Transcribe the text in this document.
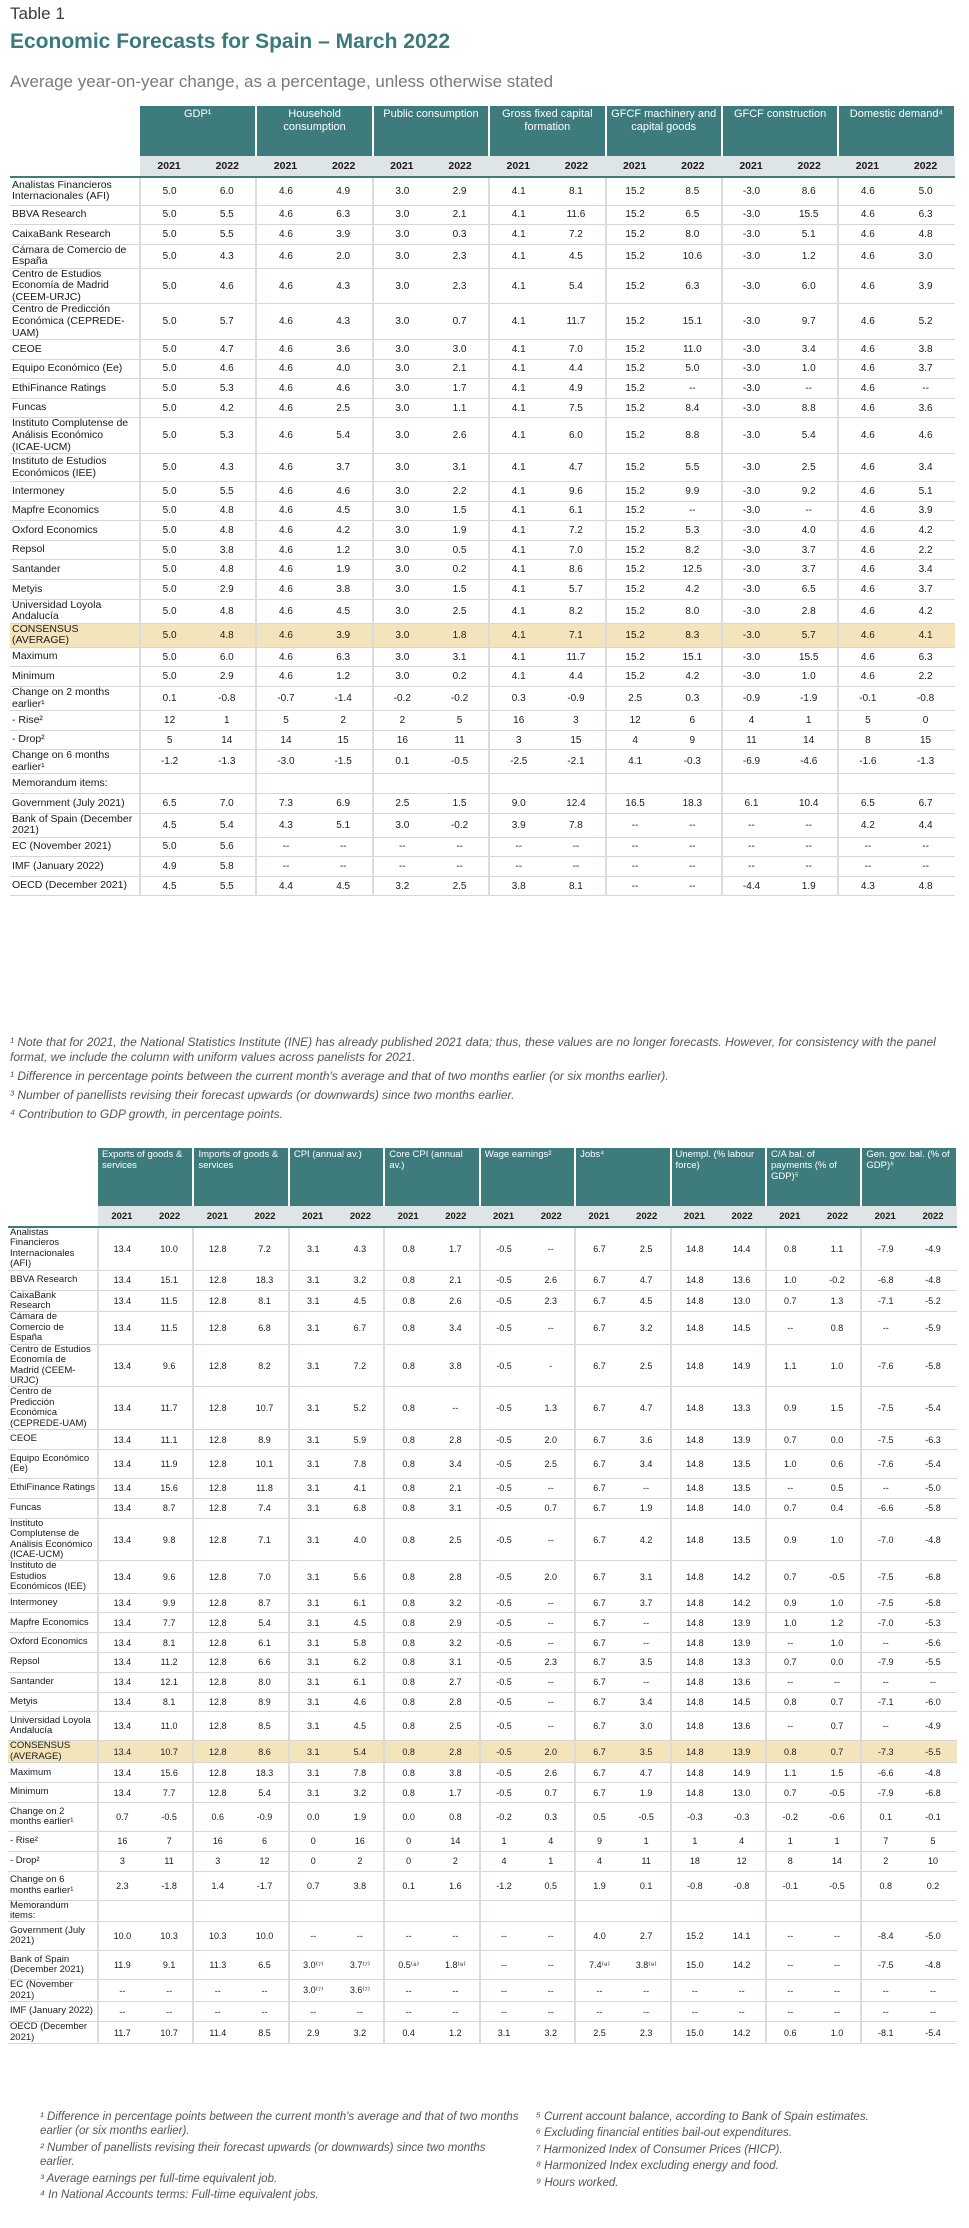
Table 1
Economic Forecasts for Spain – March 2022
Average year-on-year change, as a percentage, unless otherwise stated
	GDP¹		Household consumption		Public consumption		Gross fixed capital formation		GFCF machinery and capital goods		GFCF construction		Domestic demand⁴	
	2021	2022	2021	2022	2021	2022	2021	2022	2021	2022	2021	2022	2021	2022
Analistas Financieros Internacionales (AFI)	5.0	6.0	4.6	4.9	3.0	2.9	4.1	8.1	15.2	8.5	-3.0	8.6	4.6	5.0
BBVA Research	5.0	5.5	4.6	6.3	3.0	2.1	4.1	11.6	15.2	6.5	-3.0	15.5	4.6	6.3
CaixaBank Research	5.0	5.5	4.6	3.9	3.0	0.3	4.1	7.2	15.2	8.0	-3.0	5.1	4.6	4.8
Cámara de Comercio de España	5.0	4.3	4.6	2.0	3.0	2.3	4.1	4.5	15.2	10.6	-3.0	1.2	4.6	3.0
Centro de Estudios Economía de Madrid (CEEM-URJC)	5.0	4.6	4.6	4.3	3.0	2.3	4.1	5.4	15.2	6.3	-3.0	6.0	4.6	3.9
Centro de Predicción Económica (CEPREDE-UAM)	5.0	5.7	4.6	4.3	3.0	0.7	4.1	11.7	15.2	15.1	-3.0	9.7	4.6	5.2
CEOE	5.0	4.7	4.6	3.6	3.0	3.0	4.1	7.0	15.2	11.0	-3.0	3.4	4.6	3.8
Equipo Económico (Ee)	5.0	4.6	4.6	4.0	3.0	2.1	4.1	4.4	15.2	5.0	-3.0	1.0	4.6	3.7
EthiFinance Ratings	5.0	5.3	4.6	4.6	3.0	1.7	4.1	4.9	15.2	--	-3.0	--	4.6	--
Funcas	5.0	4.2	4.6	2.5	3.0	1.1	4.1	7.5	15.2	8.4	-3.0	8.8	4.6	3.6
Instituto Complutense de Análisis Económico (ICAE-UCM)	5.0	5.3	4.6	5.4	3.0	2.6	4.1	6.0	15.2	8.8	-3.0	5.4	4.6	4.6
Instituto de Estudios Económicos (IEE)	5.0	4.3	4.6	3.7	3.0	3.1	4.1	4.7	15.2	5.5	-3.0	2.5	4.6	3.4
Intermoney	5.0	5.5	4.6	4.6	3.0	2.2	4.1	9.6	15.2	9.9	-3.0	9.2	4.6	5.1
Mapfre Economics	5.0	4.8	4.6	4.5	3.0	1.5	4.1	6.1	15.2	--	-3.0	--	4.6	3.9
Oxford Economics	5.0	4.8	4.6	4.2	3.0	1.9	4.1	7.2	15.2	5.3	-3.0	4.0	4.6	4.2
Repsol	5.0	3.8	4.6	1.2	3.0	0.5	4.1	7.0	15.2	8.2	-3.0	3.7	4.6	2.2
Santander	5.0	4.8	4.6	1.9	3.0	0.2	4.1	8.6	15.2	12.5	-3.0	3.7	4.6	3.4
Metyis	5.0	2.9	4.6	3.8	3.0	1.5	4.1	5.7	15.2	4.2	-3.0	6.5	4.6	3.7
Universidad Loyola Andalucía	5.0	4.8	4.6	4.5	3.0	2.5	4.1	8.2	15.2	8.0	-3.0	2.8	4.6	4.2
CONSENSUS (AVERAGE)	5.0	4.8	4.6	3.9	3.0	1.8	4.1	7.1	15.2	8.3	-3.0	5.7	4.6	4.1
Maximum	5.0	6.0	4.6	6.3	3.0	3.1	4.1	11.7	15.2	15.1	-3.0	15.5	4.6	6.3
Minimum	5.0	2.9	4.6	1.2	3.0	0.2	4.1	4.4	15.2	4.2	-3.0	1.0	4.6	2.2
Change on 2 months earlier¹	0.1	-0.8	-0.7	-1.4	-0.2	-0.2	0.3	-0.9	2.5	0.3	-0.9	-1.9	-0.1	-0.8
- Rise²	12	1	5	2	2	5	16	3	12	6	4	1	5	0
- Drop²	5	14	14	15	16	11	3	15	4	9	11	14	8	15
Change on 6 months earlier¹	-1.2	-1.3	-3.0	-1.5	0.1	-0.5	-2.5	-2.1	4.1	-0.3	-6.9	-4.6	-1.6	-1.3
Memorandum items:														
Government (July 2021)	6.5	7.0	7.3	6.9	2.5	1.5	9.0	12.4	16.5	18.3	6.1	10.4	6.5	6.7
Bank of Spain (December 2021)	4.5	5.4	4.3	5.1	3.0	-0.2	3.9	7.8	--	--	--	--	4.2	4.4
EC (November 2021)	5.0	5.6	--	--	--	--	--	--	--	--	--	--	--	--
IMF (January 2022)	4.9	5.8	--	--	--	--	--	--	--	--	--	--	--	--
OECD (December 2021)	4.5	5.5	4.4	4.5	3.2	2.5	3.8	8.1	--	--	-4.4	1.9	4.3	4.8

¹ Note that for 2021, the National Statistics Institute (INE) has already published 2021 data; thus, these values are no longer forecasts. However, for consistency with the panel format, we include the column with uniform values across panelists for 2021.

¹ Difference in percentage points between the current month's average and that of two months earlier (or six months earlier).

³ Number of panellists revising their forecast upwards (or downwards) since two months earlier.

⁴ Contribution to GDP growth, in percentage points.

	Exports of goods & services		Imports of goods & services		CPI (annual av.)		Core CPI (annual av.)		Wage earnings²		Jobs⁴		Unempl. (% labour force)		C/A bal. of payments (% of GDP)⁵		Gen. gov. bal. (% of GDP)⁶	
	2021	2022	2021	2022	2021	2022	2021	2022	2021	2022	2021	2022	2021	2022	2021	2022	2021	2022
Analistas Financieros Internacionales (AFI)	13.4	10.0	12.8	7.2	3.1	4.3	0.8	1.7	-0.5	--	6.7	2.5	14.8	14.4	0.8	1.1	-7.9	-4.9
BBVA Research	13.4	15.1	12.8	18.3	3.1	3.2	0.8	2.1	-0.5	2.6	6.7	4.7	14.8	13.6	1.0	-0.2	-6.8	-4.8
CaixaBank Research	13.4	11.5	12.8	8.1	3.1	4.5	0.8	2.6	-0.5	2.3	6.7	4.5	14.8	13.0	0.7	1.3	-7.1	-5.2
Cámara de Comercio de España	13.4	11.5	12.8	6.8	3.1	6.7	0.8	3.4	-0.5	--	6.7	3.2	14.8	14.5	--	0.8	--	-5.9
Centro de Estudios Economía de Madrid (CEEM-URJC)	13.4	9.6	12.8	8.2	3.1	7.2	0.8	3.8	-0.5	-	6.7	2.5	14.8	14.9	1.1	1.0	-7.6	-5.8
Centro de Predicción Económica (CEPREDE-UAM)	13.4	11.7	12.8	10.7	3.1	5.2	0.8	--	-0.5	1.3	6.7	4.7	14.8	13.3	0.9	1.5	-7.5	-5.4
CEOE	13.4	11.1	12.8	8.9	3.1	5.9	0.8	2.8	-0.5	2.0	6.7	3.6	14.8	13.9	0.7	0.0	-7.5	-6.3
Equipo Económico (Ee)	13.4	11.9	12.8	10.1	3.1	7.8	0.8	3.4	-0.5	2.5	6.7	3.4	14.8	13.5	1.0	0.6	-7.6	-5.4
EthiFinance Ratings	13.4	15.6	12.8	11.8	3.1	4.1	0.8	2.1	-0.5	--	6.7	--	14.8	13.5	--	0.5	--	-5.0
Funcas	13.4	8.7	12.8	7.4	3.1	6.8	0.8	3.1	-0.5	0.7	6.7	1.9	14.8	14.0	0.7	0.4	-6.6	-5.8
Instituto Complutense de Análisis Económico (ICAE-UCM)	13.4	9.8	12.8	7.1	3.1	4.0	0.8	2.5	-0.5	--	6.7	4.2	14.8	13.5	0.9	1.0	-7.0	-4.8
Instituto de Estudios Económicos (IEE)	13.4	9.6	12.8	7.0	3.1	5.6	0.8	2.8	-0.5	2.0	6.7	3.1	14.8	14.2	0.7	-0.5	-7.5	-6.8
Intermoney	13.4	9.9	12.8	8.7	3.1	6.1	0.8	3.2	-0.5	--	6.7	3.7	14.8	14.2	0.9	1.0	-7.5	-5.8
Mapfre Economics	13.4	7.7	12.8	5.4	3.1	4.5	0.8	2.9	-0.5	--	6.7	--	14.8	13.9	1.0	1.2	-7.0	-5.3
Oxford Economics	13.4	8.1	12.8	6.1	3.1	5.8	0.8	3.2	-0.5	--	6.7	--	14.8	13.9	--	1.0	--	-5.6
Repsol	13.4	11.2	12.8	6.6	3.1	6.2	0.8	3.1	-0.5	2.3	6.7	3.5	14.8	13.3	0.7	0.0	-7.9	-5.5
Santander	13.4	12.1	12.8	8.0	3.1	6.1	0.8	2.7	-0.5	--	6.7	--	14.8	13.6	--	--	--	--
Metyis	13.4	8.1	12.8	8.9	3.1	4.6	0.8	2.8	-0.5	--	6.7	3.4	14.8	14.5	0.8	0.7	-7.1	-6.0
Universidad Loyola Andalucía	13.4	11.0	12.8	8.5	3.1	4.5	0.8	2.5	-0.5	--	6.7	3.0	14.8	13.6	--	0.7	--	-4.9
CONSENSUS (AVERAGE)	13.4	10.7	12.8	8.6	3.1	5.4	0.8	2.8	-0.5	2.0	6.7	3.5	14.8	13.9	0.8	0.7	-7.3	-5.5
Maximum	13.4	15.6	12.8	18.3	3.1	7.8	0.8	3.8	-0.5	2.6	6.7	4.7	14.8	14.9	1.1	1.5	-6.6	-4.8
Minimum	13.4	7.7	12.8	5.4	3.1	3.2	0.8	1.7	-0.5	0.7	6.7	1.9	14.8	13.0	0.7	-0.5	-7.9	-6.8
Change on 2 months earlier¹	0.7	-0.5	0.6	-0.9	0.0	1.9	0.0	0.8	-0.2	0.3	0.5	-0.5	-0.3	-0.3	-0.2	-0.6	0.1	-0.1
- Rise²	16	7	16	6	0	16	0	14	1	4	9	1	1	4	1	1	7	5
- Drop²	3	11	3	12	0	2	0	2	4	1	4	11	18	12	8	14	2	10
Change on 6 months earlier¹	2.3	-1.8	1.4	-1.7	0.7	3.8	0.1	1.6	-1.2	0.5	1.9	0.1	-0.8	-0.8	-0.1	-0.5	0.8	0.2
Memorandum items:																		
Government (July 2021)	10.0	10.3	10.3	10.0	--	--	--	--	--	--	4.0	2.7	15.2	14.1	--	--	-8.4	-5.0
Bank of Spain (December 2021)	11.9	9.1	11.3	6.5	3.0⁽⁷⁾	3.7⁽⁷⁾	0.5⁽⁸⁾	1.8⁽⁸⁾	--	--	7.4⁽⁹⁾	3.8⁽⁹⁾	15.0	14.2	--	--	-7.5	-4.8
EC (November 2021)	--	--	--	--	3.0⁽⁷⁾	3.6⁽⁷⁾	--	--	--	--	--	--	--	--	--	--	--	--
IMF (January 2022)	--	--	--	--	--	--	--	--	--	--	--	--	--	--	--	--	--	--
OECD (December 2021)	11.7	10.7	11.4	8.5	2.9	3.2	0.4	1.2	3.1	3.2	2.5	2.3	15.0	14.2	0.6	1.0	-8.1	-5.4

¹ Difference in percentage points between the current month's average and that of two months earlier (or six months earlier).

² Number of panellists revising their forecast upwards (or downwards) since two months earlier.

³ Average earnings per full-time equivalent job.

⁴ In National Accounts terms: Full-time equivalent jobs.

⁵ Current account balance, according to Bank of Spain estimates.

⁶ Excluding financial entities bail-out expenditures.

⁷ Harmonized Index of Consumer Prices (HICP).

⁸ Harmonized Index excluding energy and food.

⁹ Hours worked.
